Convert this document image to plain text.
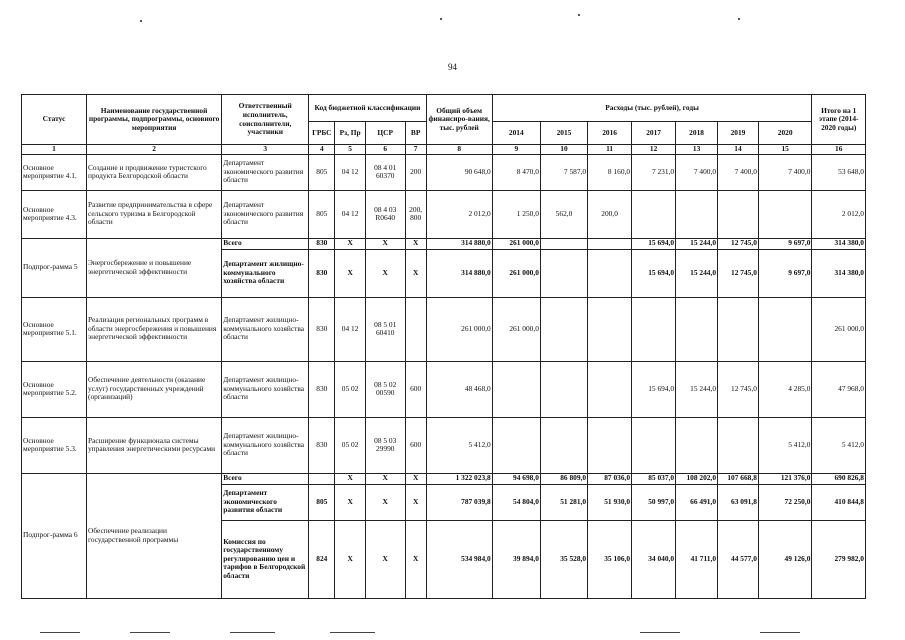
94
Статус	Наименование государственной программы, подпрограммы, основного мероприятия	Ответственный исполнитель, соисполнители, участники	Код бюджетной классификации				Общий объем финансиро-вания, тыс. рублей	Расходы (тыс. рублей), годы							Итого на 1 этапе (2014-2020 годы)
			ГРБС	Рз, Пр	ЦСР	ВР		2014	2015	2016	2017	2018	2019	2020	
1	2	3	4	5	6	7	8	9	10	11	12	13	14	15	16
Основное мероприятие 4.1.	Создание и продвижение туристского продукта Белгородской области	Департамент экономического развития области	805	04 12	08 4 01 60370	200	90 648,0	8 470,0	7 587,0	8 160,0	7 231,0	7 400,0	7 400,0	7 400,0	53 648,0
Основное мероприятие 4.3.	Развитие предпринимательства в сфере сельского туризма в Белгородской области	Департамент экономического развития области	805	04 12	08 4 03 R0640	200, 800	2 012,0	1 250,0	562,0	200,0					2 012,0
Подпрог-рамма 5	Энергосбережение и повышение энергетической эффективности	Всего	830	X	X	X	314 880,0	261 000,0			15 694,0	15 244,0	12 745,0	9 697,0	314 380,0
		Департамент жилищно-коммунального хозяйства области	830	X	X	X	314 880,0	261 000,0			15 694,0	15 244,0	12 745,0	9 697,0	314 380,0
Основное мероприятие 5.1.	Реализация региональных программ в области энергосбережения и повышения энергетической эффективности	Департамент жилищно-коммунального хозяйства области	830	04 12	08 5 01 60410		261 000,0	261 000,0							261 000,0
Основное мероприятие 5.2.	Обеспечение деятельности (оказание услуг) государственных учреждений (организаций)	Департамент жилищно-коммунального хозяйства области	830	05 02	08 5 02 00590	600	48 468,0				15 694,0	15 244,0	12 745,0	4 285,0	47 968,0
Основное мероприятие 5.3.	Расширение функционала системы управления энергетическими ресурсами	Департамент жилищно-коммунального хозяйства области	830	05 02	08 5 03 29990	600	5 412,0							5 412,0	5 412,0
Подпрог-рамма 6	Обеспечение реализации государственной программы	Всего		X	X	X	1 322 023,8	94 698,0	86 809,0	87 036,0	85 037,0	108 202,0	107 668,8	121 376,0	690 826,8
		Департамент экономического развития области	805	X	X	X	787 039,8	54 804,0	51 281,0	51 930,0	50 997,0	66 491,0	63 091,8	72 250,0	410 844,8
		Комиссия по государственному регулированию цен и тарифов в Белгородской области	824	X	X	X	534 984,0	39 894,0	35 528,0	35 106,0	34 040,0	41 711,0	44 577,0	49 126,0	279 982,0
